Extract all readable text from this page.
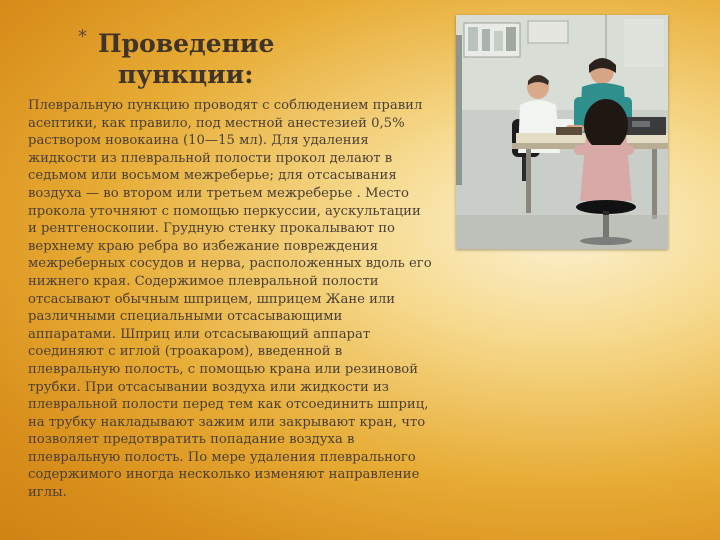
* Проведение
пункции:

Плевральную пункцию проводят с соблюдением правил
асептики, как правило, под местной анестезией 0,5%
раствором новокаина (10—15 мл). Для удаления
жидкости из плевральной полости прокол делают в
седьмом или восьмом межреберье; для отсасывания
воздуха — во втором или третьем межреберье . Место
прокола уточняют с помощью перкуссии, аускультации
и рентгеноскопии. Грудную стенку прокалывают по
верхнему краю ребра во избежание повреждения
межреберных сосудов и нерва, расположенных вдоль его
нижнего края. Содержимое плевральной полости
отсасывают обычным шприцем, шприцем Жане или
различными специальными отсасывающими
аппаратами. Шприц или отсасывающий аппарат
соединяют с иглой (троакаром), введенной в
плевральную полость, с помощью крана или резиновой
трубки. При отсасывании воздуха или жидкости из
плевральной полости перед тем как отсоединить шприц,
на трубку накладывают зажим или закрывают кран, что
позволяет предотвратить попадание воздуха в
плевральную полость. По мере удаления плеврального
содержимого иногда несколько изменяют направление
иглы.
